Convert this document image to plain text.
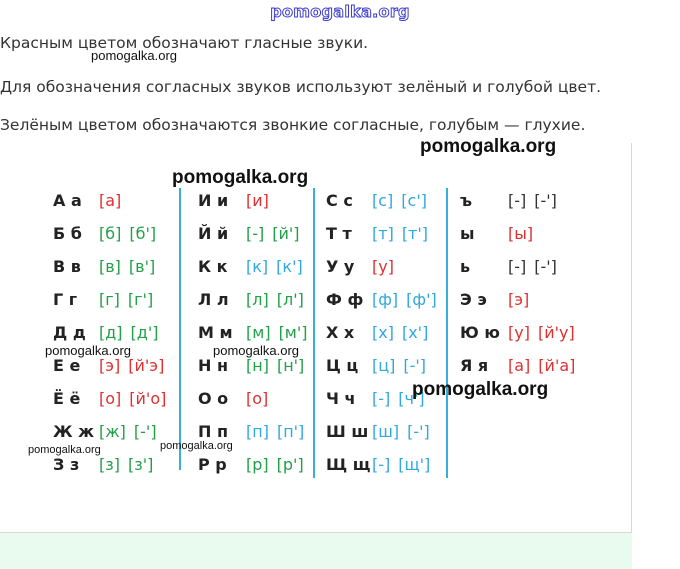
pomogalka.org
Красным цветом обозначают гласные звуки.
Для обозначения согласных звуков используют зелёный и голубой цвет.
Зелёным цветом обозначаются звонкие согласные, голубым — глухие.
А а [а]
Б б [б] [б']
В в [в] [в']
Г г [г] [г']
Д д [д] [д']
Е е [э] [й'э]
Ё ё [о] [й'о]
Ж ж [ж] [-']
З з [з] [з']
И и [и]
Й й [-] [й']
К к [к] [к']
Л л [л] [л']
М м [м] [м']
Н н [н] [н']
О о [о]
П п [п] [п']
Р р [р] [р']
С с [с] [с']
Т т [т] [т']
У у [у]
Ф ф [ф] [ф']
Х х [х] [х']
Ц ц [ц] [-']
Ч ч [-] [ч']
Ш ш [ш] [-']
Щ щ[-] [щ']
ъ [-] [-']
ы [ы]
ь [-] [-']
Э э [э]
Ю ю [у] [й'у]
Я я [а] [й'а]
pomogalka.org
pomogalka.org
pomogalka.org
pomogalka.org	pomogalka.org
pomogalka.org
pomogalka.org	pomogalka.org
